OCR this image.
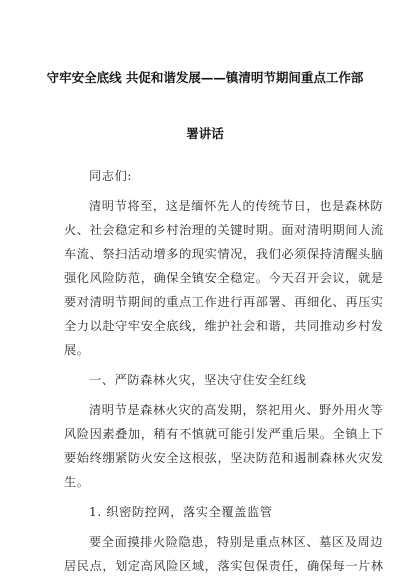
守牢安全底线 共促和谐发展——镇清明节期间重点工作部
署讲话
同志们:
清明节将至，这是缅怀先人的传统节日，也是森林防
火、社会稳定和乡村治理的关键时期。面对清明期间人流
车流、祭扫活动增多的现实情况，我们必须保持清醒头脑
强化风险防范，确保全镇安全稳定。今天召开会议，就是
要对清明节期间的重点工作进行再部署、再细化、再压实
全力以赴守牢安全底线，维护社会和谐，共同推动乡村发
展。
一、严防森林火灾，坚决守住安全红线
清明节是森林火灾的高发期，祭祀用火、野外用火等
风险因素叠加，稍有不慎就可能引发严重后果。全镇上下
要始终绷紧防火安全这根弦，坚决防范和遏制森林火灾发
生。
1. 织密防控网，落实全覆盖监管
要全面摸排火险隐患，特别是重点林区、墓区及周边
居民点，划定高风险区域，落实包保责任，确保每一片林
